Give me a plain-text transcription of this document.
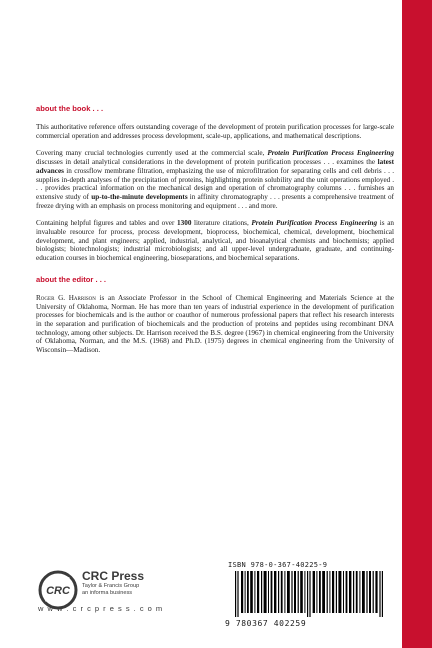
about the book . . .

This authoritative reference offers outstanding coverage of the development of protein purification processes for large-scale commercial operation and addresses process development, scale-up, applications, and mathematical descriptions.

Covering many crucial technologies currently used at the commercial scale, Protein Purification Process Engineering discusses in detail analytical considerations in the development of protein purification processes . . . examines the latest advances in crossflow membrane filtration, emphasizing the use of microfiltration for separating cells and cell debris . . . supplies in-depth analyses of the precipitation of proteins, highlighting protein solubility and the unit operations employed . . . provides practical information on the mechanical design and operation of chromatography columns . . . furnishes an extensive study of up-to-the-minute developments in affinity chromatography . . . presents a comprehensive treatment of freeze drying with an emphasis on process monitoring and equipment . . . and more.

Containing helpful figures and tables and over 1300 literature citations, Protein Purification Process Engineering is an invaluable resource for process, process development, bioprocess, biochemical, chemical, development, biochemical development, and plant engineers; applied, industrial, analytical, and bioanalytical chemists and biochemists; applied biologists; biotechnologists; industrial microbiologists; and all upper-level undergraduate, graduate, and continuing-education courses in biochemical engineering, bioseparations, and biochemical separations.

about the editor . . .

Roger G. Harrison is an Associate Professor in the School of Chemical Engineering and Materials Science at the University of Oklahoma, Norman. He has more than ten years of industrial experience in the development of purification processes for biochemicals and is the author or coauthor of numerous professional papers that reflect his research interests in the separation and purification of biochemicals and the production of proteins and peptides using recombinant DNA technology, among other subjects. Dr. Harrison received the B.S. degree (1967) in chemical engineering from the University of Oklahoma, Norman, and the M.S. (1968) and Ph.D. (1975) degrees in chemical engineering from the University of Wisconsin—Madison.

ISBN 978-0-367-40225-9
9 780367 402259
CRC
CRC Press
Taylor & Francis Group
an informa business
w w w . c r c p r e s s . c o m
